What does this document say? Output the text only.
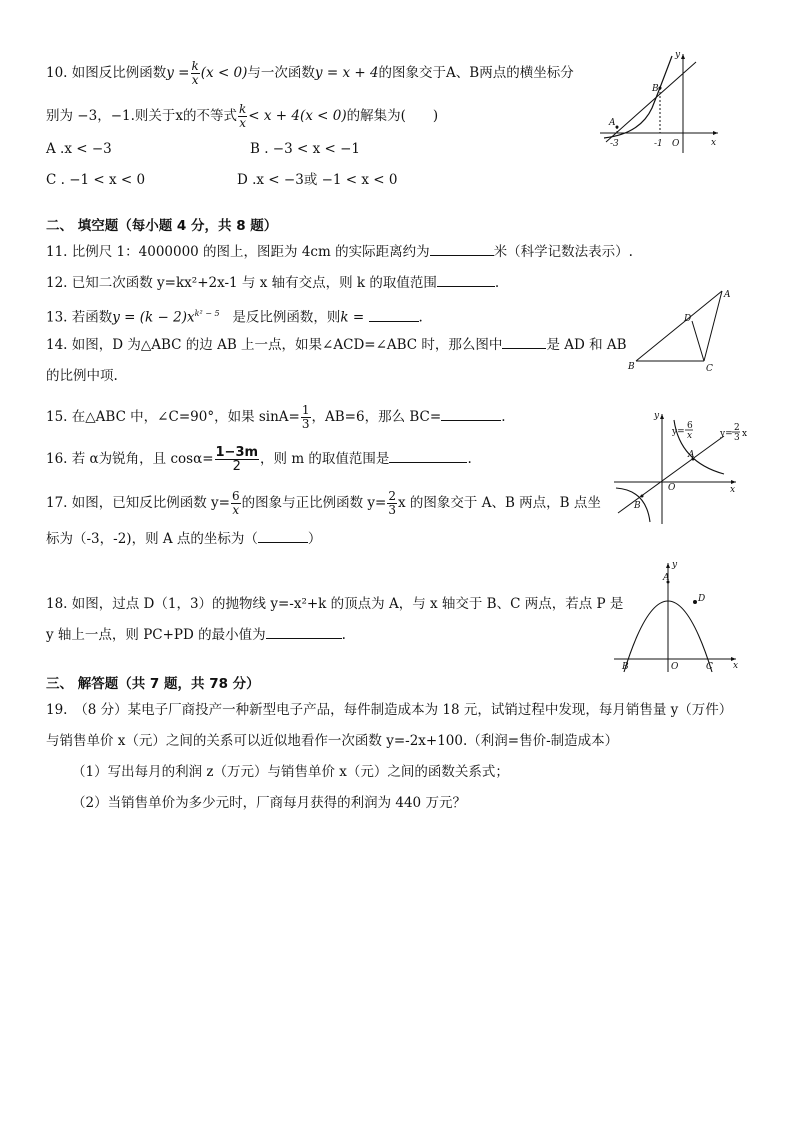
10. 如图反比例函数$y = \frac{k}{x} (x < 0)$与一次函数y = x + 4的图象交于A、B两点的横坐标分
别为 −3，−1.则关于x的不等式 $\frac{k}{x} < x + 4(x < 0)$的解集为(　　)
A .x < −3	B . −3 < x < −1
C . −1 < x < 0	D .x < −3或 −1 < x < 0
y
x
A
B
O
-3	-1
二、 填空题（每小题 4 分，共 8 题）
11. 比例尺 1：4000000 的图上，图距为 4cm 的实际距离约为	米（科学记数法表示）.
12. 已知二次函数 y=kx²+2x-1 与 x 轴有交点，则 k 的取值范围	.
13. 若函数$y = (k - 2)x^{k^2 - 5}$ 是反比例函数，则k =	.
A
B	C
D
14. 如图，D 为△ABC 的边 AB 上一点，如果∠ACD=∠ABC 时，那么图中	是 AD 和 AB
的比例中项.
15. 在△ABC 中，∠C=90°，如果 $\sin A= \frac{1}{3}$ ，AB=6，那么 BC=	.
16. 若 α为锐角，且 $\cos\alpha= \frac{1-3m}{2}$ ，则 m 的取值范围是	.
y
x
O
A
B
y=
6
x	y=
2
3 x
17. 如图，已知反比例函数 $y= \frac{6}{x}$ 的图象与正比例函数 $y= \frac{2}{3}$ x 的图象交于 A、B 两点，B 点坐
标为（-3，-2)，则 A 点的坐标为（	）
y
x
A
D
B	C
O
18. 如图，过点 D（1，3）的抛物线 y=-x²+k 的顶点为 A，与 x 轴交于 B、C 两点，若点 P 是
y 轴上一点，则 PC+PD 的最小值为	.
三、 解答题（共 7 题，共 78 分）
19.　（8 分）某电子厂商投产一种新型电子产品，每件制造成本为 18 元，试销过程中发现，每月销售量 y（万件）
与销售单价 x（元）之间的关系可以近似地看作一次函数 y=-2x+100.（利润=售价-制造成本）
（1）写出每月的利润 z（万元）与销售单价 x（元）之间的函数关系式；
（2）当销售单价为多少元时，厂商每月获得的利润为 440 万元？
